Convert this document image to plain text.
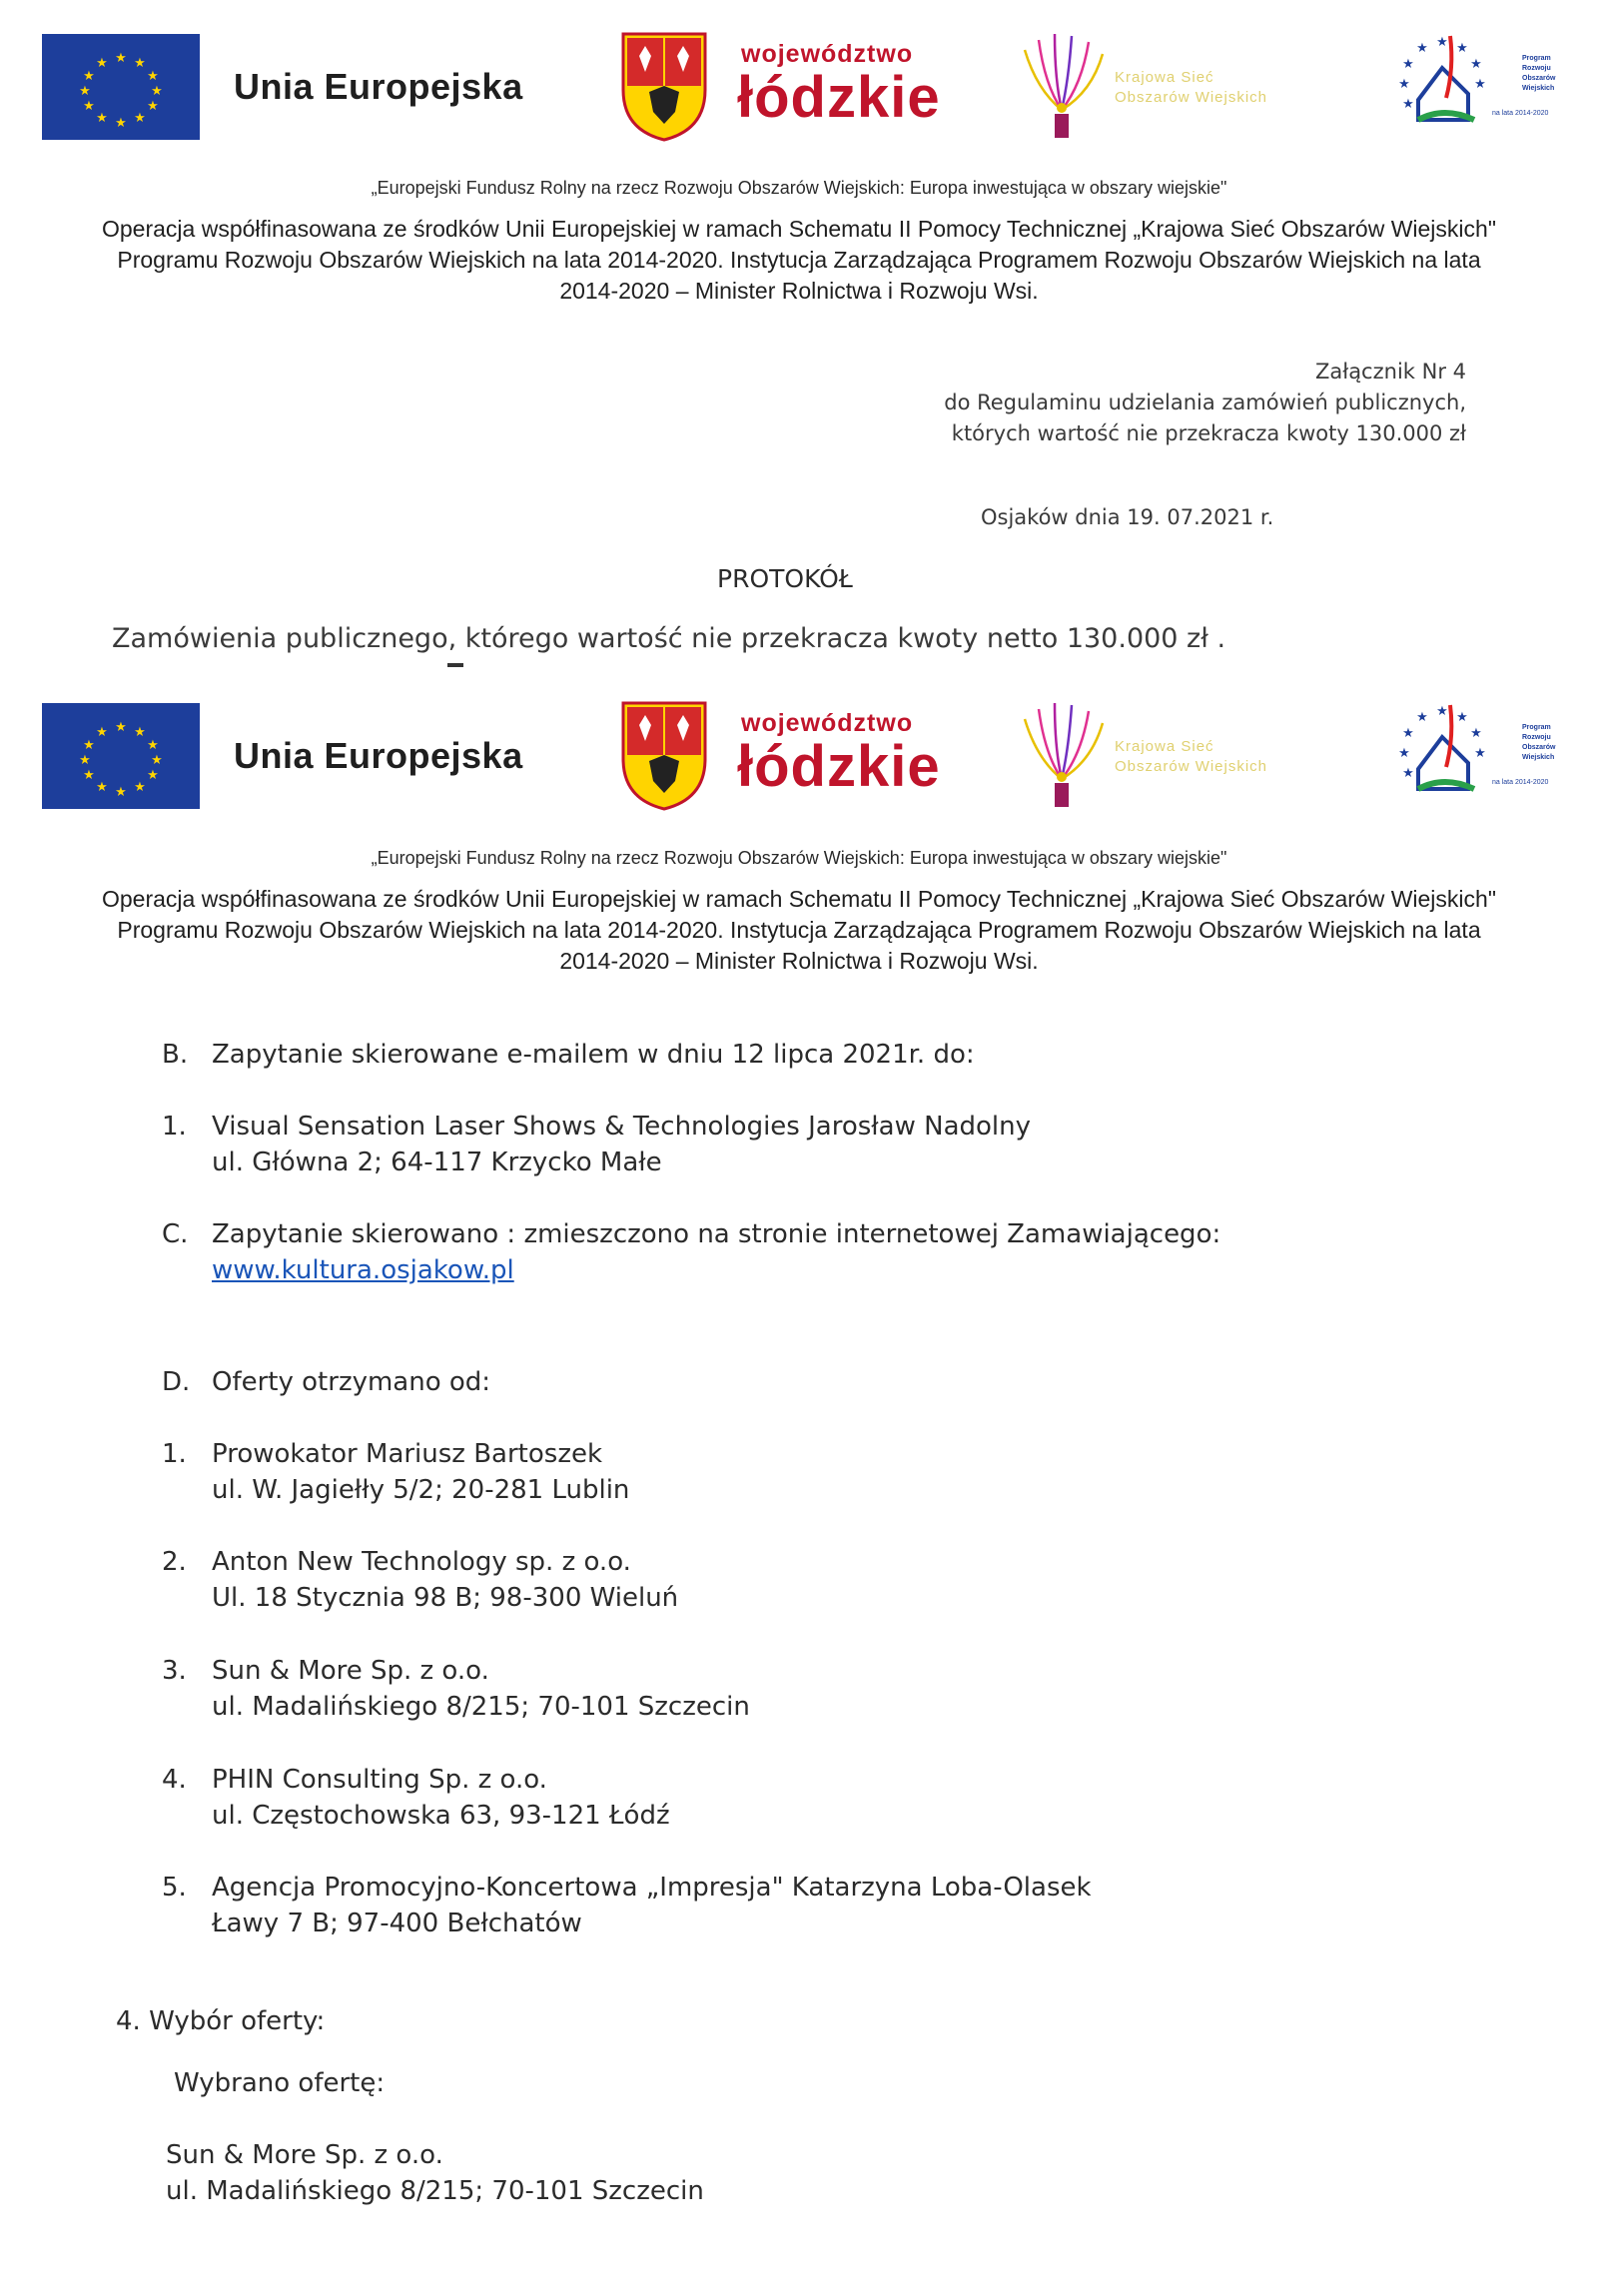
★ ★
★
★
★
★
★
★
★
★
★
★
Unia Europejska
województwo
łódzkie	Krajowa Sieć
Obszarów Wiejskich
★ ★
★
★
★
★
★
★
Program
Rozwoju
Obszarów
Wiejskich
na lata 2014-2020
„Europejski Fundusz Rolny na rzecz Rozwoju Obszarów Wiejskich: Europa inwestująca w obszary wiejskie"
Operacja współfinasowana ze środków Unii Europejskiej w ramach Schematu II Pomocy Technicznej „Krajowa Sieć Obszarów Wiejskich"
Programu Rozwoju Obszarów Wiejskich na lata 2014-2020. Instytucja Zarządzająca Programem Rozwoju Obszarów Wiejskich na lata
2014-2020 – Minister Rolnictwa i Rozwoju Wsi.
Załącznik Nr 4
do Regulaminu udzielania zamówień publicznych,
których wartość nie przekracza kwoty 130.000 zł
Osjaków dnia 19. 07.2021 r.
PROTOKÓŁ
Zamówienia publicznego, którego wartość nie przekracza kwoty netto 130.000 zł .
★ ★
★
★
★
★
★
★
★
★
★
★
Unia Europejska
województwo
łódzkie	Krajowa Sieć
Obszarów Wiejskich
★ ★
★
★
★
★
★
★
Program
Rozwoju
Obszarów
Wiejskich
na lata 2014-2020
„Europejski Fundusz Rolny na rzecz Rozwoju Obszarów Wiejskich: Europa inwestująca w obszary wiejskie"
Operacja współfinasowana ze środków Unii Europejskiej w ramach Schematu II Pomocy Technicznej „Krajowa Sieć Obszarów Wiejskich"
Programu Rozwoju Obszarów Wiejskich na lata 2014-2020. Instytucja Zarządzająca Programem Rozwoju Obszarów Wiejskich na lata
2014-2020 – Minister Rolnictwa i Rozwoju Wsi.
B. Zapytanie skierowane e-mailem w dniu 12 lipca 2021r. do:
1. Visual Sensation Laser Shows & Technologies Jarosław Nadolny
ul. Główna 2; 64-117 Krzycko Małe
C. Zapytanie skierowano : zmieszczono na stronie internetowej Zamawiającego:
www.kultura.osjakow.pl
D. Oferty otrzymano od:
1. Prowokator Mariusz Bartoszek
ul. W. Jagiełły 5/2; 20-281 Lublin
2. Anton New Technology sp. z o.o.
Ul. 18 Stycznia 98 B; 98-300 Wieluń
3. Sun & More Sp. z o.o.
ul. Madalińskiego 8/215; 70-101 Szczecin
4. PHIN Consulting Sp. z o.o.
ul. Częstochowska 63, 93-121 Łódź
5. Agencja Promocyjno-Koncertowa „Impresja" Katarzyna Loba-Olasek
Ławy 7 B; 97-400 Bełchatów
4. Wybór oferty:
Wybrano ofertę:
Sun & More Sp. z o.o.
ul. Madalińskiego 8/215; 70-101 Szczecin
